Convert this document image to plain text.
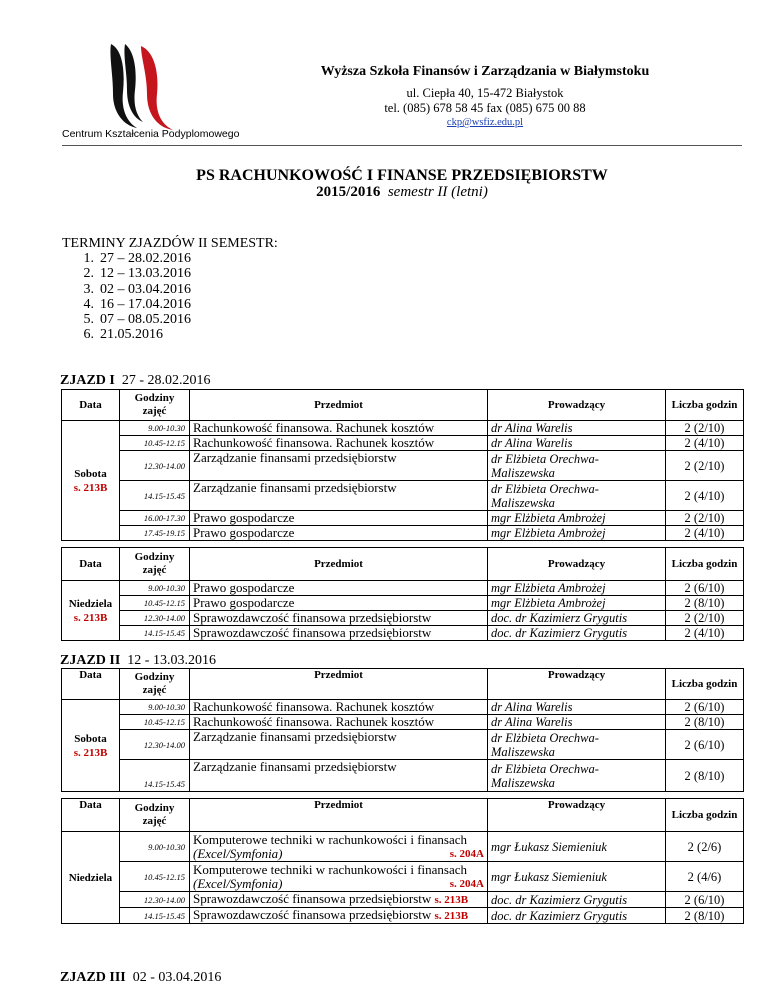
Centrum Kształcenia Podyplomowego
Wyższa Szkoła Finansów i Zarządzania w Białymstoku
ul. Ciepła 40, 15-472 Białystok
tel. (085) 678 58 45 fax (085) 675 00 88
ckp@wsfiz.edu.pl
PS RACHUNKOWOŚĆ I FINANSE PRZEDSIĘBIORSTW
2015/2016 semestr II (letni)
TERMINY ZJAZDÓW II SEMESTR:
1. 27 – 28.02.2016
2. 12 – 13.03.2016
3. 02 – 03.04.2016
4. 16 – 17.04.2016
5. 07 – 08.05.2016
6. 21.05.2016
ZJAZD I 27 - 28.02.2016
Data	Godziny zajęć	Przedmiot	Prowadzący	Liczba godzin

Sobota
s. 213B	9.00-10.30	Rachunkowość finansowa. Rachunek kosztów	dr Alina Warelis	2 (2/10)
	10.45-12.15	Rachunkowość finansowa. Rachunek kosztów	dr Alina Warelis	2 (4/10)
	12.30-14.00	Zarządzanie finansami przedsiębiorstw	dr Elżbieta Orechwa-Maliszewska	2 (2/10)
	14.15-15.45	Zarządzanie finansami przedsiębiorstw	dr Elżbieta Orechwa-Maliszewska	2 (4/10)
	16.00-17.30	Prawo gospodarcze	mgr Elżbieta Ambrożej	2 (2/10)
	17.45-19.15	Prawo gospodarcze	mgr Elżbieta Ambrożej	2 (4/10)
Data	Godziny zajęć	Przedmiot	Prowadzący	Liczba godzin

Niedziela
s. 213B	9.00-10.30	Prawo gospodarcze	mgr Elżbieta Ambrożej	2 (6/10)
	10.45-12.15	Prawo gospodarcze	mgr Elżbieta Ambrożej	2 (8/10)
	12.30-14.00	Sprawozdawczość finansowa przedsiębiorstw	doc. dr Kazimierz Grygutis	2 (2/10)
	14.15-15.45	Sprawozdawczość finansowa przedsiębiorstw	doc. dr Kazimierz Grygutis	2 (4/10)
ZJAZD II 12 - 13.03.2016
Data	Godziny zajęć	Przedmiot	Prowadzący	Liczba godzin

Sobota
s. 213B	9.00-10.30	Rachunkowość finansowa. Rachunek kosztów	dr Alina Warelis	2 (6/10)
	10.45-12.15	Rachunkowość finansowa. Rachunek kosztów	dr Alina Warelis	2 (8/10)
	12.30-14.00	Zarządzanie finansami przedsiębiorstw	dr Elżbieta Orechwa-Maliszewska	2 (6/10)
	14.15-15.45	Zarządzanie finansami przedsiębiorstw	dr Elżbieta Orechwa-Maliszewska	2 (8/10)
Data	Godziny zajęć	Przedmiot	Prowadzący	Liczba godzin

Niedziela	9.00-10.30	Komputerowe techniki w rachunkowości i finansach
(Excel/Symfonia) s. 204A	mgr Łukasz Siemieniuk	2 (2/6)
	10.45-12.15	Komputerowe techniki w rachunkowości i finansach
(Excel/Symfonia) s. 204A	mgr Łukasz Siemieniuk	2 (4/6)
	12.30-14.00	Sprawozdawczość finansowa przedsiębiorstw s. 213B	doc. dr Kazimierz Grygutis	2 (6/10)
	14.15-15.45	Sprawozdawczość finansowa przedsiębiorstw s. 213B	doc. dr Kazimierz Grygutis	2 (8/10)
ZJAZD III 02 - 03.04.2016
